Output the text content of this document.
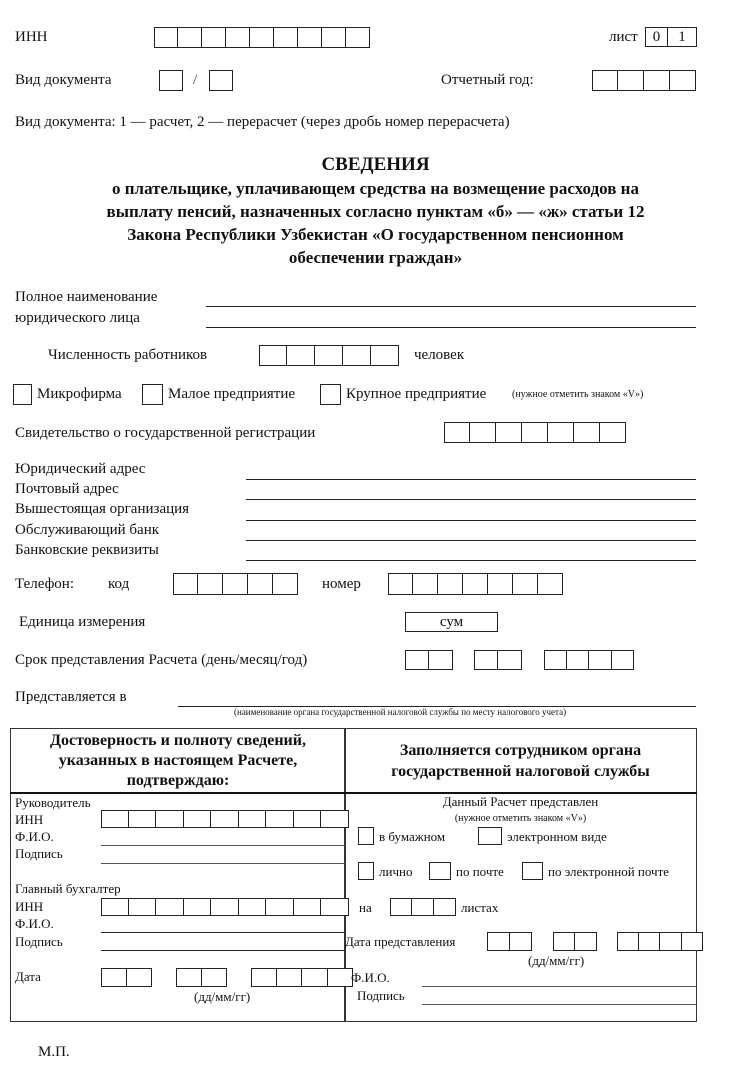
ИНН	лист	0	1
Вид документа	/	Отчетный год:
Вид документа: 1 — расчет, 2 — перерасчет (через дробь номер перерасчета)
СВЕДЕНИЯ
о плательщике, уплачивающем средства на возмещение расходов на
выплату пенсий, назначенных согласно пунктам «б» — «ж» статьи 12
Закона Республики Узбекистан «О государственном пенсионном
обеспечении граждан»
Полное наименование
юридического лица
Численность работников	человек
Микрофирма	Малое предприятие	Крупное предприятие	(нужное отметить знаком «V»)
Свидетельство о государственной регистрации
Юридический адрес
Почтовый адрес
Вышестоящая организация
Обслуживающий банк
Банковские реквизиты
Телефон: код	номер
Единица измерения	сум
Срок представления Расчета (день/месяц/год)
Представляется в
(наименование органа государственной налоговой службы по месту налогового учета)
Достоверность и полноту сведений,
указанных в настоящем Расчете,
подтверждаю:
Руководитель
ИНН
Ф.И.О.
Подпись
Главный бухгалтер
ИНН
Ф.И.О.
Подпись
Дата
(дд/мм/гг)
Заполняется сотрудником органа
государственной налоговой службы
Данный Расчет представлен
(нужное отметить знаком «V»)
в бумажном	электронном виде
лично	по почте	по электронной почте
на	листах
Дата представления
(дд/мм/гг)
Ф.И.О.
Подпись
М.П.
